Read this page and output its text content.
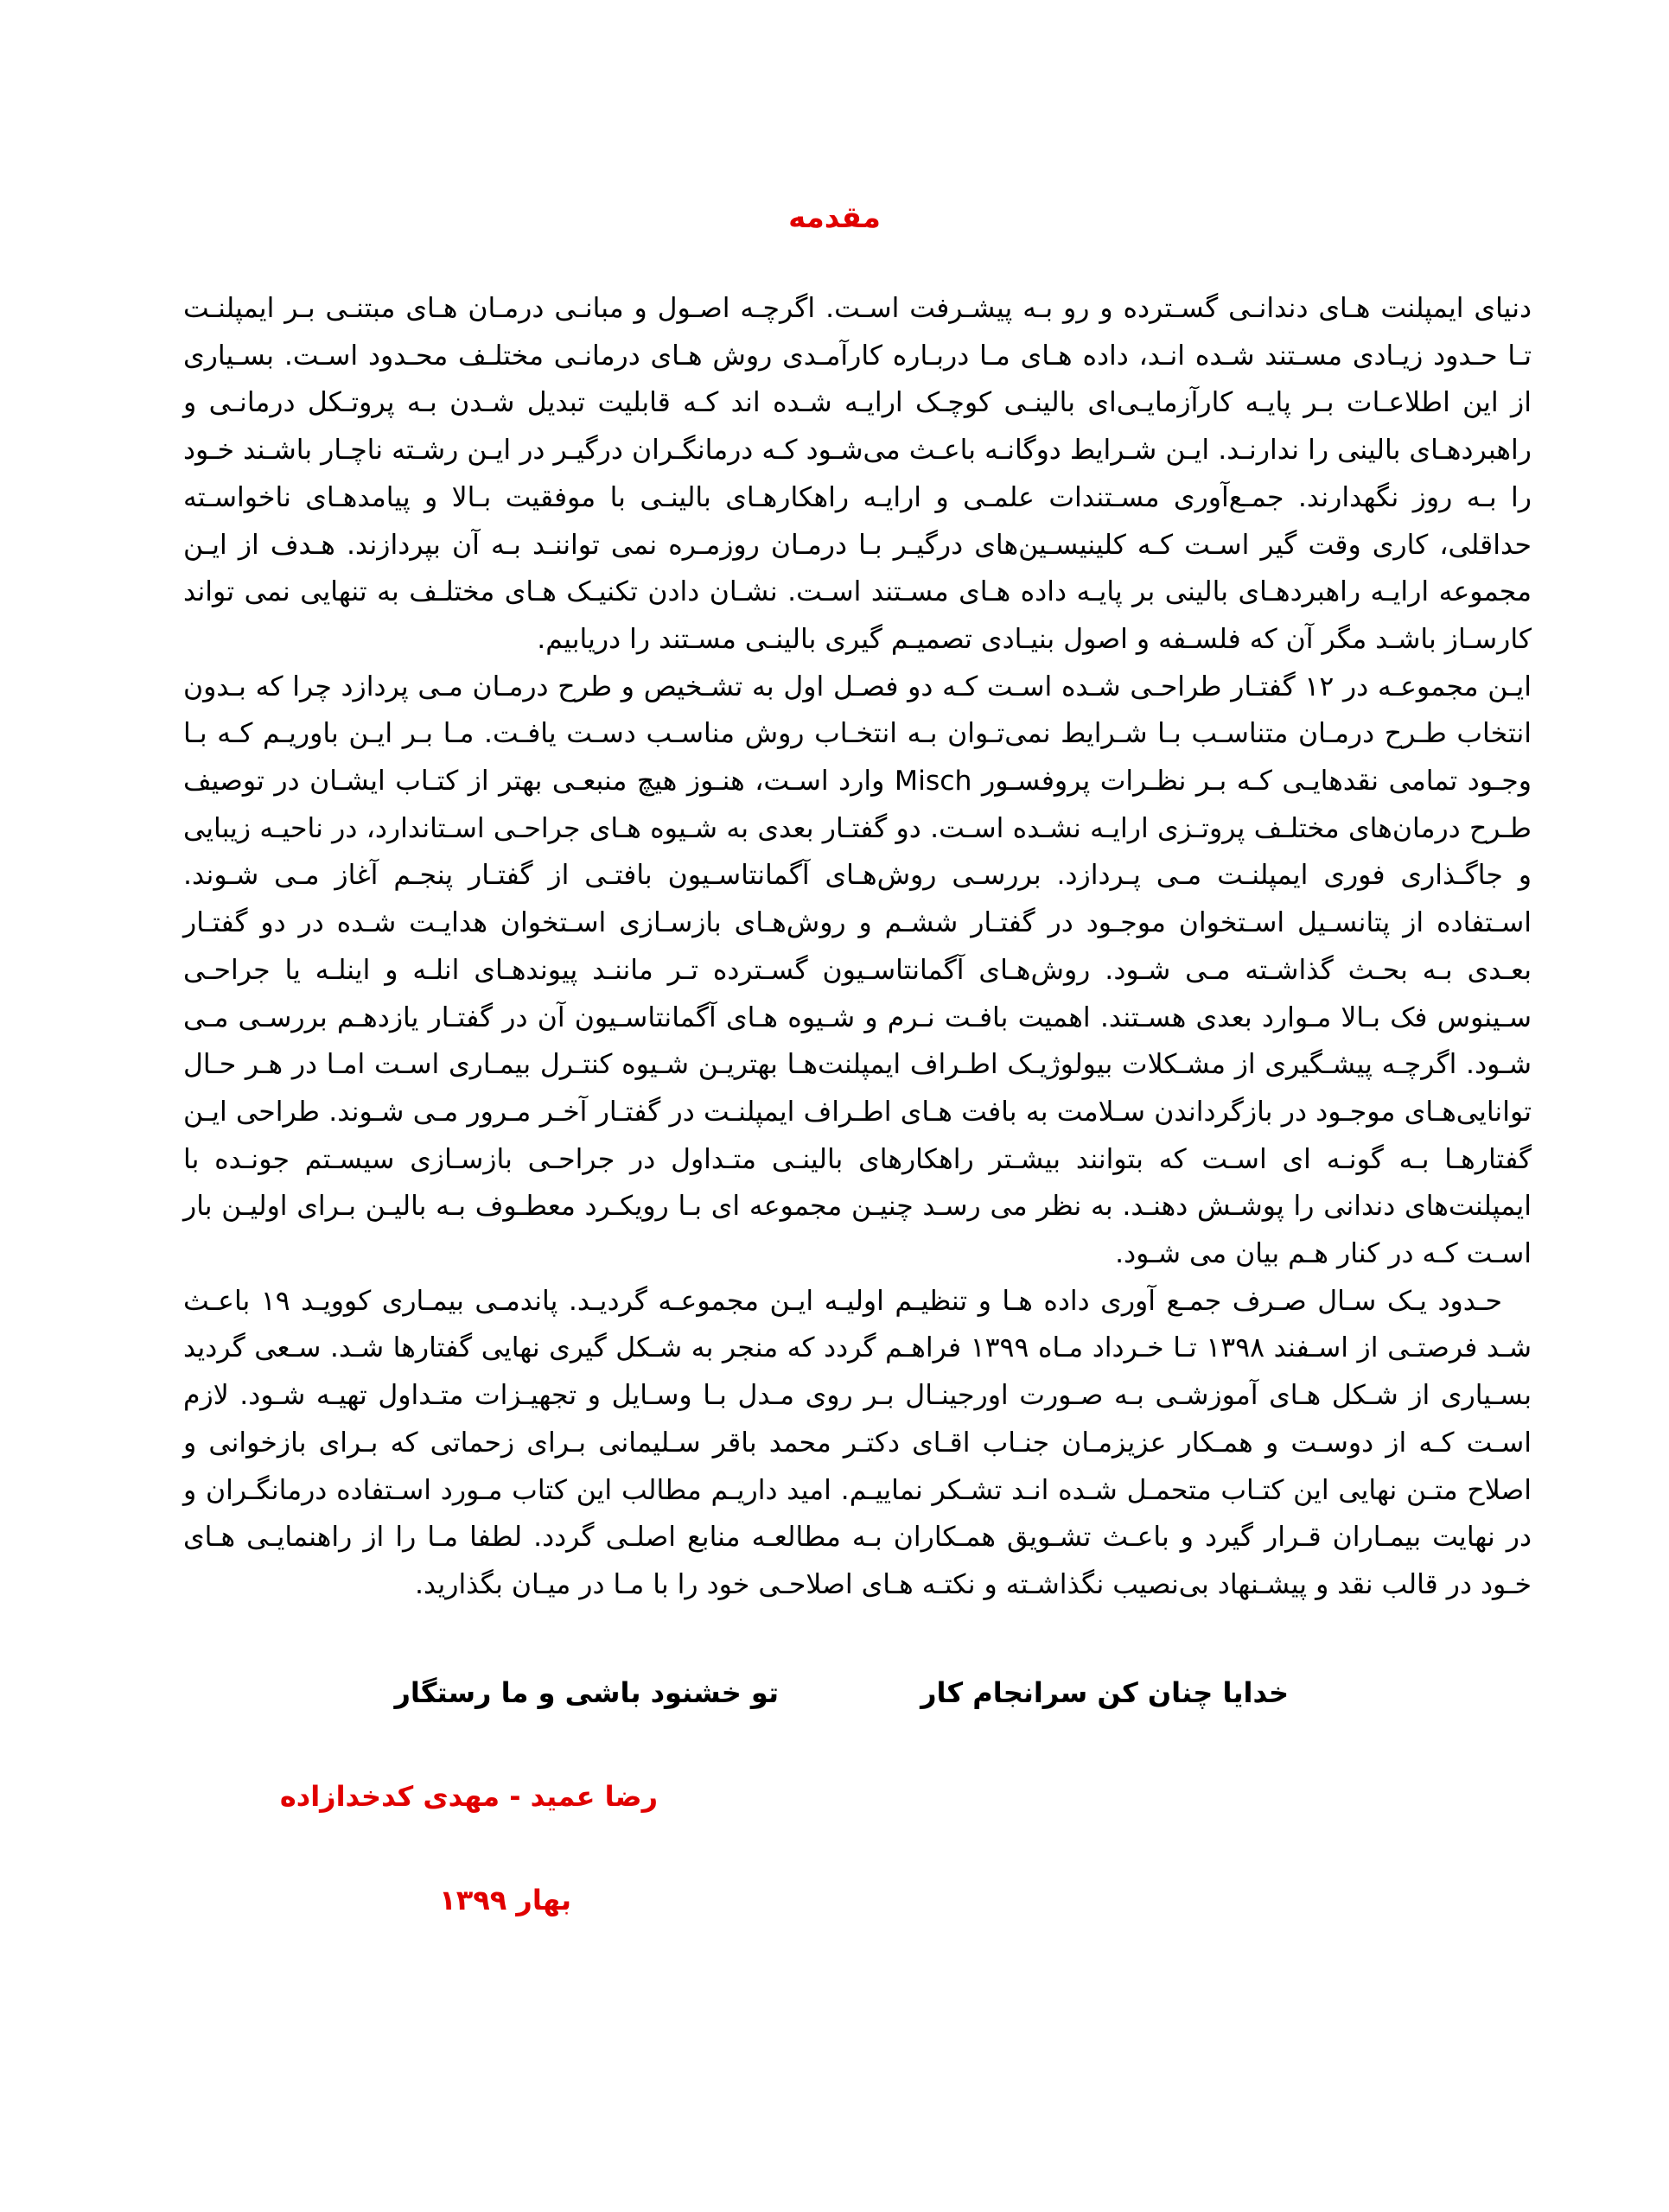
مقدمه

دنیای ایمپلنت هـای دندانـی گسـترده و رو بـه پیشـرفت اسـت. اگرچـه اصـول و مبانـی درمـان هـای مبتنـی بـر ایمپلنـت تـا حـدود زیـادی مسـتند شـده انـد، داده هـای مـا دربـاره کارآمـدی روش هـای درمانـی مختلـف محـدود اسـت. بسـیاری از این اطلاعـات بـر پایـه کارآزمایـی‌ای بالینـی کوچـک ارایـه شـده اند کـه قابلیت تبدیل شـدن بـه پروتـکل درمانـی و راهبردهـای بالینی را ندارنـد. ایـن شـرایط دوگانـه باعـث می‌شـود کـه درمانگـران درگیـر در ایـن رشـته ناچـار باشـند خـود را بـه روز نگهدارند. جمـع‌آوری مسـتندات علمـی و ارایـه راهکارهـای بالینـی با موفقیت بـالا و پیامدهـای ناخواسـته حداقلی، کاری وقت گیر اسـت کـه کلینیسـین‌های درگیـر بـا درمـان روزمـره نمی تواننـد بـه آن بپردازند. هـدف از ایـن مجموعه ارایـه راهبردهـای بالینی بر پایـه داده هـای مسـتند اسـت. نشـان دادن تکنیـک هـای مختلـف به تنهایی نمی تواند کارسـاز باشـد مگر آن که فلسـفه و اصول بنیـادی تصمیـم گیری بالینـی مسـتند را دریابیم.

ایـن مجموعـه در ۱۲ گفتـار طراحـی شـده اسـت کـه دو فصـل اول به تشـخیص و طرح درمـان مـی پردازد چرا که بـدون انتخاب طـرح درمـان متناسـب بـا شـرایط نمی‌تـوان بـه انتخـاب روش مناسـب دسـت یافـت. مـا بـر ایـن باوریـم کـه بـا وجـود تمامی نقدهایـی کـه بـر نظـرات پروفسـور Misch وارد اسـت، هنـوز هیچ منبعـی بهتر از کتـاب ایشـان در توصیف طـرح درمان‌های مختلـف پروتـزی ارایـه نشـده اسـت. دو گفتـار بعدی به شـیوه هـای جراحـی اسـتاندارد، در ناحیـه زیبایی و جاگـذاری فوری ایمپلنـت مـی پـردازد. بررسـی روش‌هـای آگمانتاسـیون بافتـی از گفتـار پنجـم آغاز مـی شـوند. اسـتفاده از پتانسـیل اسـتخوان موجـود در گفتـار ششـم و روش‌هـای بازسـازی اسـتخوان هدایـت شـده در دو گفتـار بعـدی بـه بحـث گذاشـته مـی شـود. روش‌هـای آگمانتاسـیون گسـترده تـر ماننـد پیوندهـای انلـه و اینلـه یا جراحـی سـینوس فک بـالا مـوارد بعدی هسـتند. اهمیت بافـت نـرم و شـیوه هـای آگمانتاسـیون آن در گفتـار یازدهـم بررسـی مـی شـود. اگرچـه پیشـگیری از مشـکلات بیولوژیـک اطـراف ایمپلنت‌هـا بهتریـن شـیوه کنتـرل بیمـاری اسـت امـا در هـر حـال توانایی‌هـای موجـود در بازگرداندن سـلامت به بافت هـای اطـراف ایمپلنـت در گفتـار آخـر مـرور مـی شـوند. طراحی ایـن گفتارهـا بـه گونـه ای اسـت که بتوانند بیشـتر راهکارهای بالینـی متـداول در جراحـی بازسـازی سیسـتم جونـده با ایمپلنت‌های دندانی را پوشـش دهنـد. به نظر می رسـد چنیـن مجموعه ای بـا رویکـرد معطـوف بـه بالیـن بـرای اولیـن بار اسـت کـه در کنار هـم بیان می شـود.

حـدود یـک سـال صـرف جمـع آوری داده هـا و تنظیـم اولیـه ایـن مجموعـه گردیـد. پاندمـی بیمـاری کوویـد ۱۹ باعـث شـد فرصتـی از اسـفند ۱۳۹۸ تـا خـرداد مـاه ۱۳۹۹ فراهـم گردد که منجر به شـکل گیری نهایی گفتارها شـد. سـعی گردید بسـیاری از شـکل هـای آموزشـی بـه صـورت اورجینـال بـر روی مـدل بـا وسـایل و تجهیـزات متـداول تهیـه شـود. لازم اسـت کـه از دوسـت و همـکار عزیزمـان جنـاب اقـای دکتـر محمد باقر سـلیمانی بـرای زحماتی که بـرای بازخوانی و اصلاح متـن نهایی این کتـاب متحمـل شـده انـد تشـکر نماییـم. امید داریـم مطالب این کتاب مـورد اسـتفاده درمانگـران و در نهایت بیمـاران قـرار گیرد و باعـث تشـویق همـکاران بـه مطالعـه منابع اصلـی گردد. لطفا مـا را از راهنمایـی هـای خـود در قالب نقد و پیشـنهاد بی‌نصیب نگذاشـته و نکتـه هـای اصلاحـی خود را با مـا در میـان بگذارید.

خدایا چنان کن سرانجام کار
تو خشنود باشی و ما رستگار
رضا عمید - مهدی کدخدازاده
بهار ۱۳۹۹
